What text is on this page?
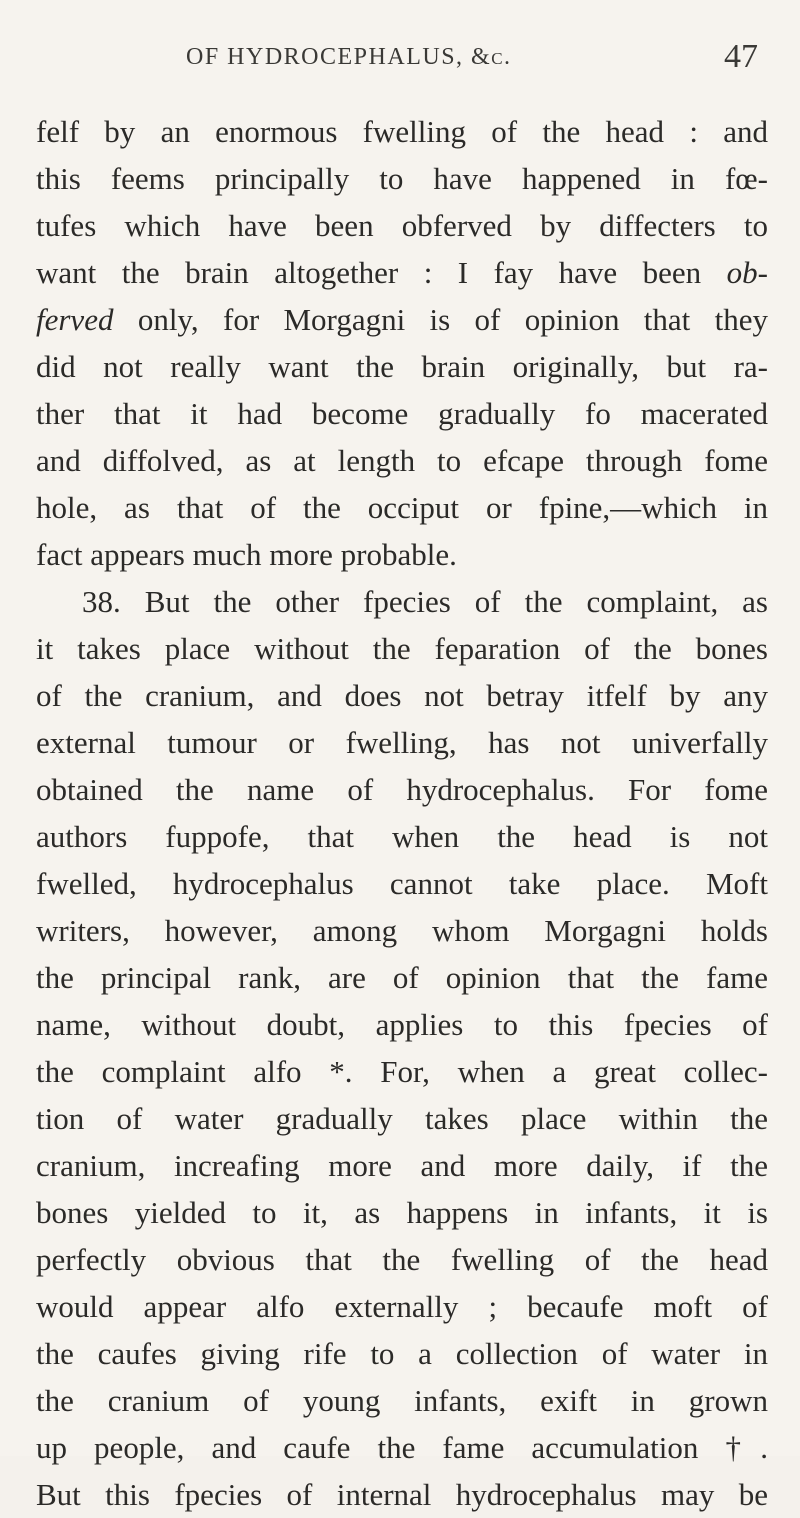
OF HYDROCEPHALUS, &c.	47
felf by an enormous fwelling of the head : and
this feems principally to have happened in fœ-
tufes which have been obferved by diffecters to
want the brain altogether : I fay have been ob-
ferved only, for Morgagni is of opinion that they
did not really want the brain originally, but ra-
ther that it had become gradually fo macerated
and diffolved, as at length to efcape through fome
hole, as that of the occiput or fpine,—which in
fact appears much more probable.
38. But the other fpecies of the complaint, as
it takes place without the feparation of the bones
of the cranium, and does not betray itfelf by any
external tumour or fwelling, has not univerfally
obtained the name of hydrocephalus. For fome
authors fuppofe, that when the head is not
fwelled, hydrocephalus cannot take place. Moft
writers, however, among whom Morgagni holds
the principal rank, are of opinion that the fame
name, without doubt, applies to this fpecies of
the complaint alfo *. For, when a great collec-
tion of water gradually takes place within the
cranium, increafing more and more daily, if the
bones yielded to it, as happens in infants, it is
perfectly obvious that the fwelling of the head
would appear alfo externally ; becaufe moft of
the caufes giving rife to a collection of water in
the cranium of young infants, exift in grown
up people, and caufe the fame accumulation †.
But this fpecies of internal hydrocephalus may be
